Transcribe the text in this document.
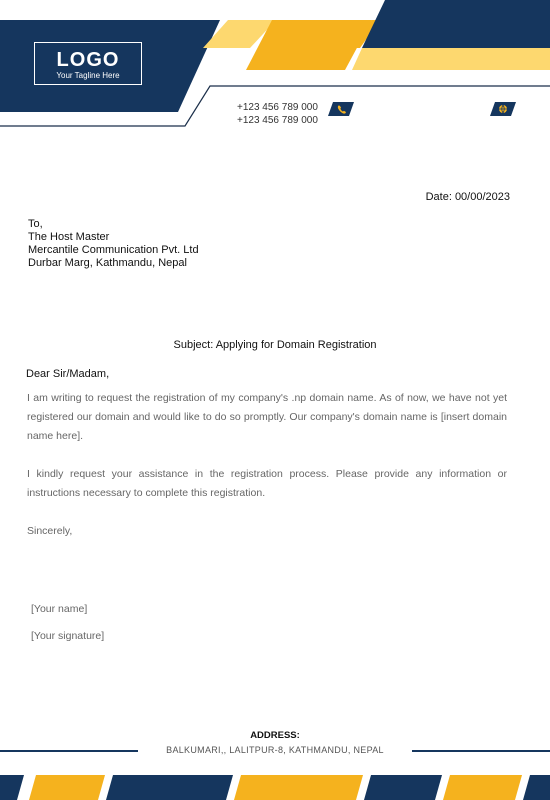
LOGO
Your Tagline Here
+123 456 789 000
+123 456 789 000
Date: 00/00/2023
To,
The Host Master
Mercantile Communication Pvt. Ltd
Durbar Marg, Kathmandu, Nepal
Subject: Applying for Domain Registration
Dear Sir/Madam,
I am writing to request the registration of my company's .np domain name. As of now, we have not yet registered our domain and would like to do so promptly. Our company's domain name is [insert domain name here].
I kindly request your assistance in the registration process. Please provide any information or instructions necessary to complete this registration.
Sincerely,
[Your name]
[Your signature]
ADDRESS:
BALKUMARI,, LALITPUR-8, KATHMANDU, NEPAL
